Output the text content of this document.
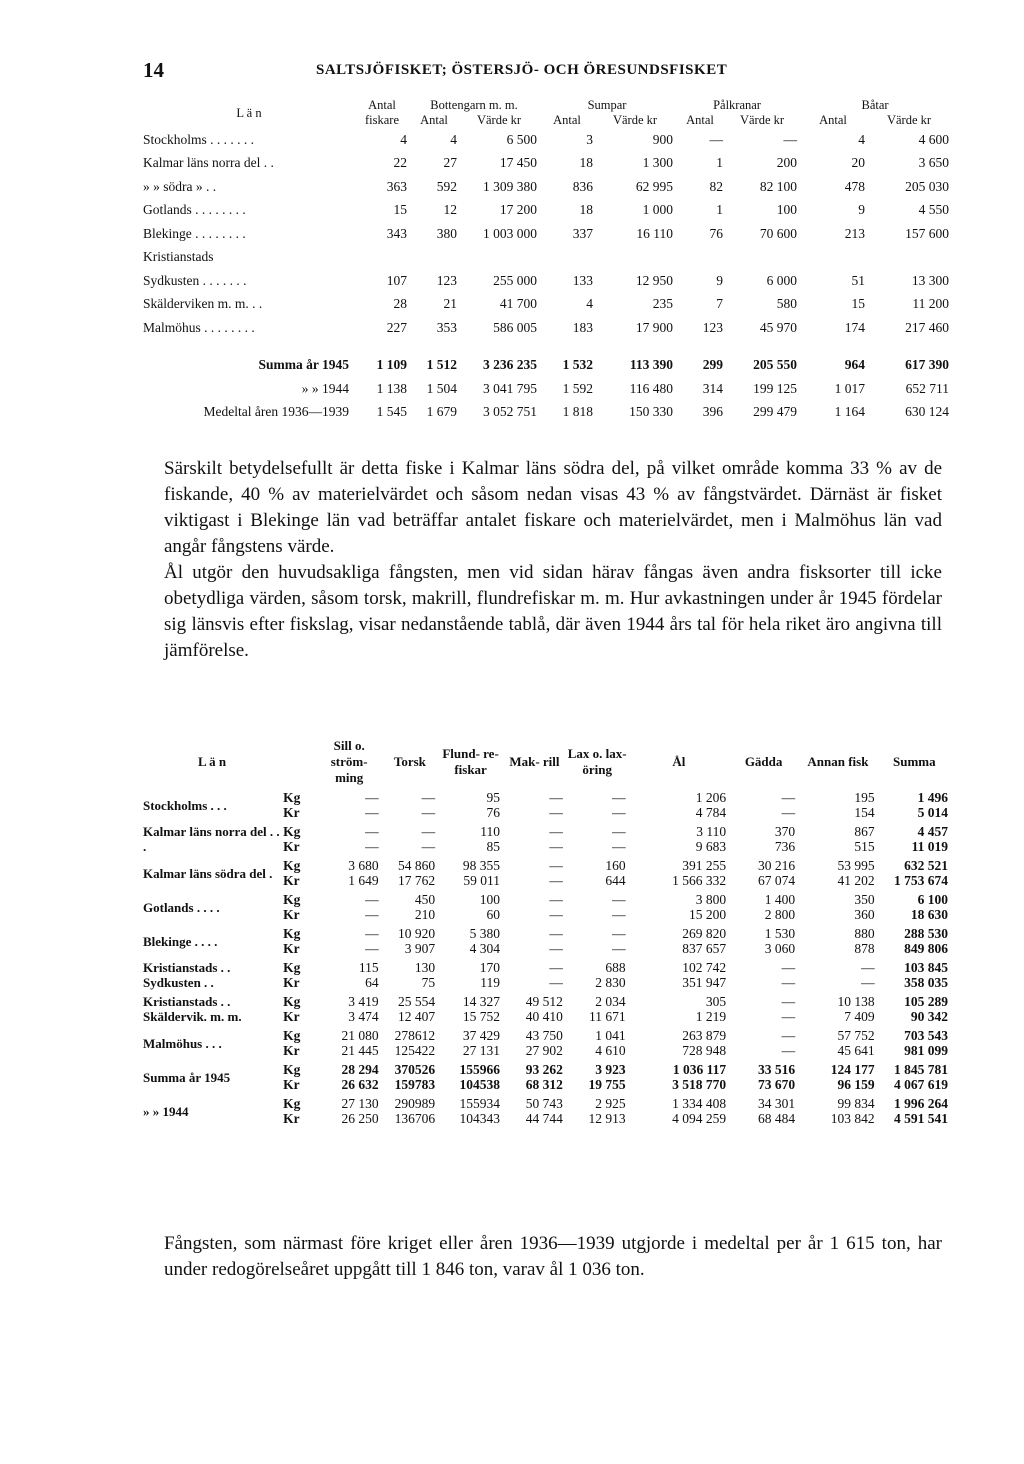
14	SALTSJÖFISKET; ÖSTERSJÖ- OCH ÖRESUNDSFISKET
L ä n	Antal fiskare	Bottengarn m. m.		Sumpar		Pålkranar		Båtar	
		Antal	Värde kr	Antal	Värde kr	Antal	Värde kr	Antal	Värde kr
Stockholms . . . . . . .	4	4	6 500	3	900	—	—	4	4 600
Kalmar läns norra del . .	22	27	17 450	18	1 300	1	200	20	3 650
» » södra » . .	363	592	1 309 380	836	62 995	82	82 100	478	205 030
Gotlands . . . . . . . .	15	12	17 200	18	1 000	1	100	9	4 550
Blekinge . . . . . . . .	343	380	1 003 000	337	16 110	76	70 600	213	157 600
Kristianstads									
Sydkusten . . . . . . .	107	123	255 000	133	12 950	9	6 000	51	13 300
Skälderviken m. m. . .	28	21	41 700	4	235	7	580	15	11 200
Malmöhus . . . . . . . .	227	353	586 005	183	17 900	123	45 970	174	217 460

Summa år 1945	1 109	1 512	3 236 235	1 532	113 390	299	205 550	964	617 390
» » 1944	1 138	1 504	3 041 795	1 592	116 480	314	199 125	1 017	652 711
Medeltal åren 1936—1939	1 545	1 679	3 052 751	1 818	150 330	396	299 479	1 164	630 124

Särskilt betydelsefullt är detta fiske i Kalmar läns södra del, på vilket område komma 33 % av de fiskande, 40 % av materielvärdet och såsom nedan visas 43 % av fångstvärdet. Därnäst är fisket viktigast i Blekinge län vad beträffar antalet fiskare och materielvärdet, men i Malmöhus län vad angår fångstens värde.

Ål utgör den huvudsakliga fångsten, men vid sidan härav fångas även andra fisksorter till icke obetydliga värden, såsom torsk, makrill, flundrefiskar m. m. Hur avkastningen under år 1945 fördelar sig länsvis efter fiskslag, visar nedanstående tablå, där även 1944 års tal för hela riket äro angivna till jämförelse.

L ä n		Sill o. ström- ming	Torsk	Flund- re- fiskar	Mak- rill	Lax o. lax- öring	Ål	Gädda	Annan fisk	Summa
Stockholms . . .	Kg	—	—	95	—	—	1 206	—	195	1 496
	Kr	—	—	76	—	—	4 784	—	154	5 014
Kalmar läns norra del . . .	Kg	—	—	110	—	—	3 110	370	867	4 457
	Kr	—	—	85	—	—	9 683	736	515	11 019
Kalmar läns södra del .	Kg	3 680	54 860	98 355	—	160	391 255	30 216	53 995	632 521
	Kr	1 649	17 762	59 011	—	644	1 566 332	67 074	41 202	1 753 674
Gotlands . . . .	Kg	—	450	100	—	—	3 800	1 400	350	6 100
	Kr	—	210	60	—	—	15 200	2 800	360	18 630
Blekinge . . . .	Kg	—	10 920	5 380	—	—	269 820	1 530	880	288 530
	Kr	—	3 907	4 304	—	—	837 657	3 060	878	849 806
Kristianstads . . Sydkusten . .	Kg	115	130	170	—	688	102 742	—	—	103 845
	Kr	64	75	119	—	2 830	351 947	—	—	358 035
Kristianstads . . Skäldervik. m. m.	Kg	3 419	25 554	14 327	49 512	2 034	305	—	10 138	105 289
	Kr	3 474	12 407	15 752	40 410	11 671	1 219	—	7 409	90 342
Malmöhus . . .	Kg	21 080	278612	37 429	43 750	1 041	263 879	—	57 752	703 543
	Kr	21 445	125422	27 131	27 902	4 610	728 948	—	45 641	981 099
Summa år 1945	Kg	28 294	370526	155966	93 262	3 923	1 036 117	33 516	124 177	1 845 781
	Kr	26 632	159783	104538	68 312	19 755	3 518 770	73 670	96 159	4 067 619
» » 1944	Kg	27 130	290989	155934	50 743	2 925	1 334 408	34 301	99 834	1 996 264
	Kr	26 250	136706	104343	44 744	12 913	4 094 259	68 484	103 842	4 591 541

Fångsten, som närmast före kriget eller åren 1936—1939 utgjorde i medeltal per år 1 615 ton, har under redogörelseåret uppgått till 1 846 ton, varav ål 1 036 ton.
